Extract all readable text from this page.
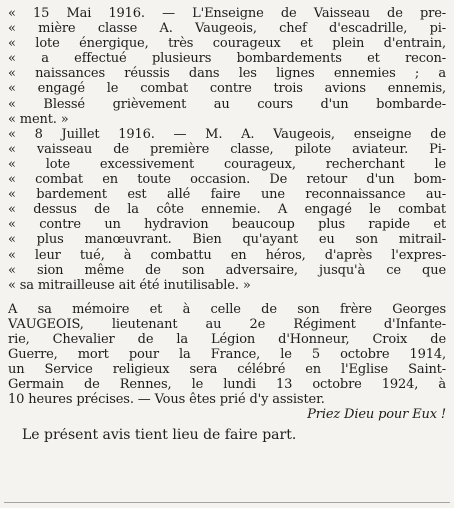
« 15 Mai 1916. — L'Enseigne de Vaisseau de pre-
« mière classe A. Vaugeois, chef d'escadrille, pi-
« lote énergique, très courageux et plein d'entrain,
« a effectué plusieurs bombardements et recon-
« naissances réussis dans les lignes ennemies ; a
« engagé le combat contre trois avions ennemis,
« Blessé grièvement au cours d'un bombarde-
« ment. »
« 8 Juillet 1916. — M. A. Vaugeois, enseigne de
« vaisseau de première classe, pilote aviateur. Pi-
« lote excessivement courageux, recherchant le
« combat en toute occasion. De retour d'un bom-
« bardement est allé faire une reconnaissance au-
« dessus de la côte ennemie. A engagé le combat
« contre un hydravion beaucoup plus rapide et
« plus manœuvrant. Bien qu'ayant eu son mitrail-
« leur tué, à combattu en héros, d'après l'expres-
« sion même de son adversaire, jusqu'à ce que
« sa mitrailleuse ait été inutilisable. »
A sa mémoire et à celle de son frère Georges
VAUGEOIS, lieutenant au 2e Régiment d'Infante-
rie, Chevalier de la Légion d'Honneur, Croix de
Guerre, mort pour la France, le 5 octobre 1914,
un Service religieux sera célébré en l'Eglise Saint-
Germain de Rennes, le lundi 13 octobre 1924, à
10 heures précises. — Vous êtes prié d'y assister.
Priez Dieu pour Eux !
Le présent avis tient lieu de faire part.
